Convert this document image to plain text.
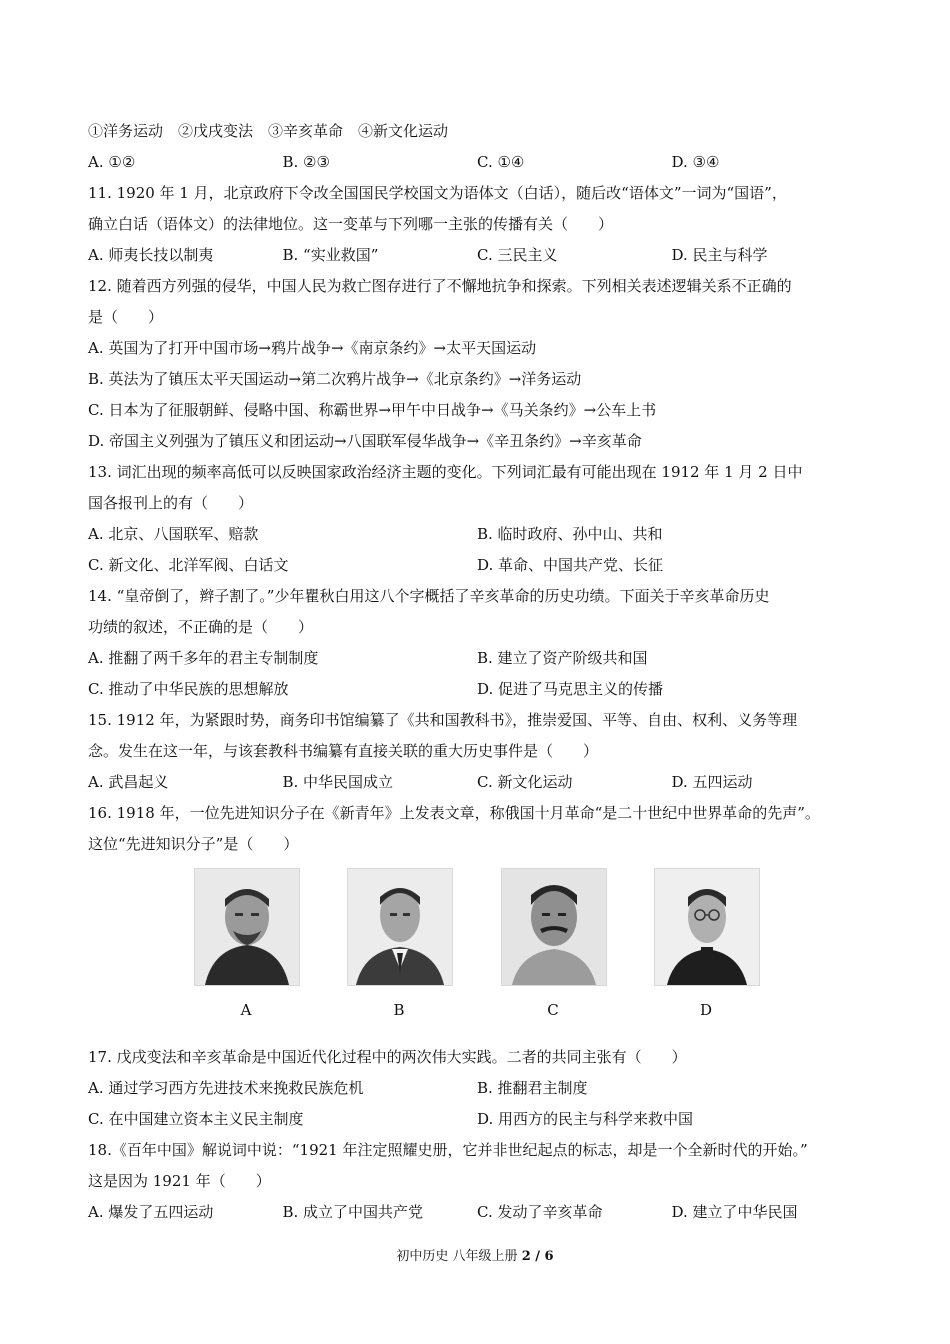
①洋务运动　②戊戌变法　③辛亥革命　④新文化运动
A. ①②	B. ②③	C. ①④	D. ③④
11. 1920 年 1 月，北京政府下令改全国国民学校国文为语体文（白话），随后改“语体文”一词为“国语”，
确立白话（语体文）的法律地位。这一变革与下列哪一主张的传播有关（　　）
A. 师夷长技以制夷	B. “实业救国”	C. 三民主义	D. 民主与科学
12. 随着西方列强的侵华，中国人民为救亡图存进行了不懈地抗争和探索。下列相关表述逻辑关系不正确的
是（　　）
A. 英国为了打开中国市场→鸦片战争→《南京条约》→太平天国运动
B. 英法为了镇压太平天国运动→第二次鸦片战争→《北京条约》→洋务运动
C. 日本为了征服朝鲜、侵略中国、称霸世界→甲午中日战争→《马关条约》→公车上书
D. 帝国主义列强为了镇压义和团运动→八国联军侵华战争→《辛丑条约》→辛亥革命
13. 词汇出现的频率高低可以反映国家政治经济主题的变化。下列词汇最有可能出现在 1912 年 1 月 2 日中
国各报刊上的有（　　）
A. 北京、八国联军、赔款	B. 临时政府、孙中山、共和
C. 新文化、北洋军阀、白话文	D. 革命、中国共产党、长征
14. “皇帝倒了，辫子割了。”少年瞿秋白用这八个字概括了辛亥革命的历史功绩。下面关于辛亥革命历史
功绩的叙述，不正确的是（　　）
A. 推翻了两千多年的君主专制制度	B. 建立了资产阶级共和国
C. 推动了中华民族的思想解放	D. 促进了马克思主义的传播
15. 1912 年，为紧跟时势，商务印书馆编纂了《共和国教科书》，推崇爱国、平等、自由、权利、义务等理
念。发生在这一年，与该套教科书编纂有直接关联的重大历史事件是（　　）
A. 武昌起义	B. 中华民国成立	C. 新文化运动	D. 五四运动
16. 1918 年，一位先进知识分子在《新青年》上发表文章，称俄国十月革命“是二十世纪中世界革命的先声”。
这位“先进知识分子”是（　　）
A	B	C	D
17. 戊戌变法和辛亥革命是中国近代化过程中的两次伟大实践。二者的共同主张有（　　）
A. 通过学习西方先进技术来挽救民族危机	B. 推翻君主制度
C. 在中国建立资本主义民主制度	D. 用西方的民主与科学来救中国
18.《百年中国》解说词中说：“1921 年注定照耀史册，它并非世纪起点的标志，却是一个全新时代的开始。”
这是因为 1921 年（　　）
A. 爆发了五四运动	B. 成立了中国共产党	C. 发动了辛亥革命	D. 建立了中华民国
初中历史 八年级上册 2 / 6
